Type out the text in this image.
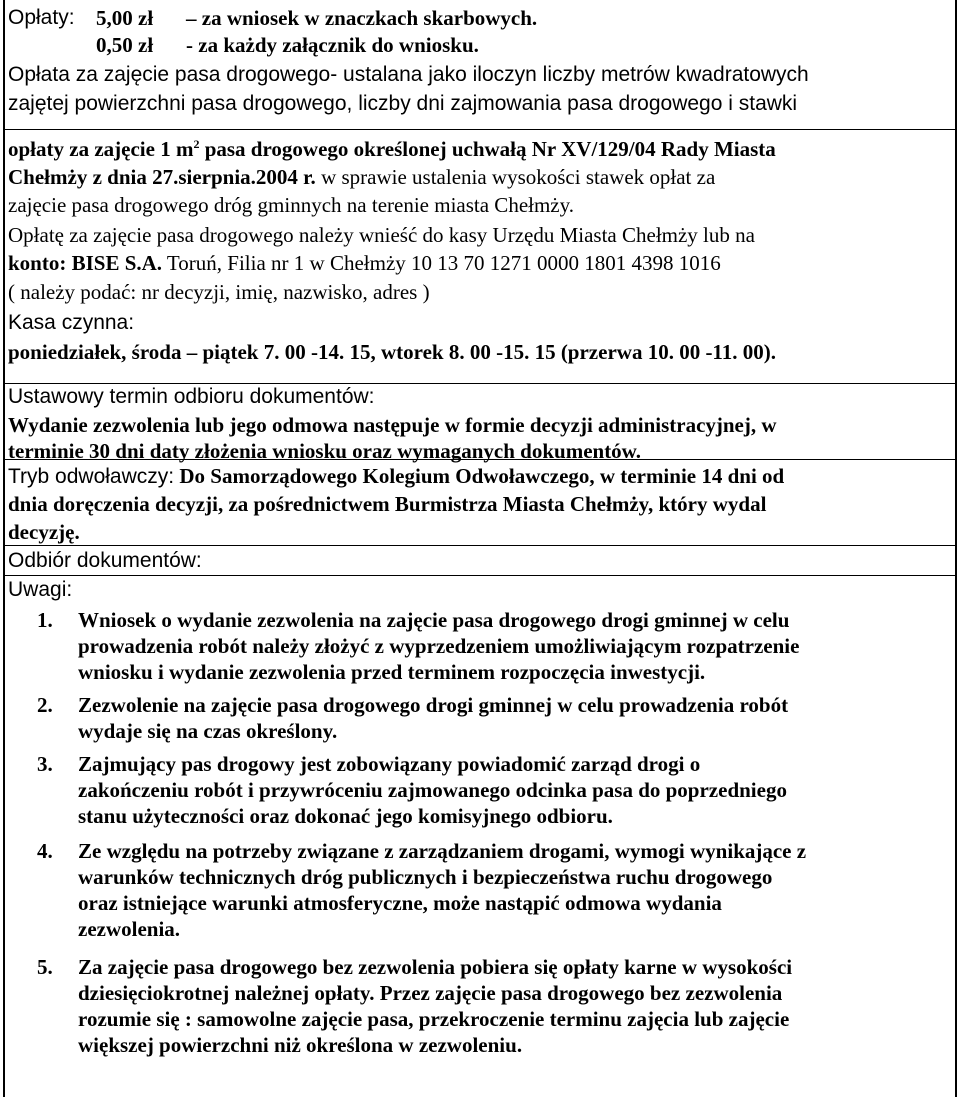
Opłaty: 5,00 zł – za wniosek w znaczkach skarbowych.
0,50 zł - za każdy załącznik do wniosku.
Opłata za zajęcie pasa drogowego- ustalana jako iloczyn liczby metrów kwadratowych
zajętej powierzchni pasa drogowego, liczby dni zajmowania pasa drogowego i stawki
opłaty za zajęcie 1 $m^2$ pasa drogowego określonej uchwałą Nr XV/129/04 Rady Miasta
Chełmży z dnia 27.sierpnia.2004 r. w sprawie ustalenia wysokości stawek opłat za
zajęcie pasa drogowego dróg gminnych na terenie miasta Chełmży.
Opłatę za zajęcie pasa drogowego należy wnieść do kasy Urzędu Miasta Chełmży lub na
konto: BISE S.A. Toruń, Filia nr 1 w Chełmży 10 13 70 1271 0000 1801 4398 1016
( należy podać: nr decyzji, imię, nazwisko, adres )
Kasa czynna:
poniedziałek, środa – piątek 7. 00 -14. 15, wtorek 8. 00 -15. 15 (przerwa 10. 00 -11. 00).
Ustawowy termin odbioru dokumentów:
Wydanie zezwolenia lub jego odmowa następuje w formie decyzji administracyjnej, w
terminie 30 dni daty złożenia wniosku oraz wymaganych dokumentów.
Tryb odwoławczy: Do Samorządowego Kolegium Odwoławczego, w terminie 14 dni od
dnia doręczenia decyzji, za pośrednictwem Burmistrza Miasta Chełmży, który wydal
decyzję.
Odbiór dokumentów:
Uwagi:
1. Wniosek o wydanie zezwolenia na zajęcie pasa drogowego drogi gminnej w celu
prowadzenia robót należy złożyć z wyprzedzeniem umożliwiającym rozpatrzenie
wniosku i wydanie zezwolenia przed terminem rozpoczęcia inwestycji.
2. Zezwolenie na zajęcie pasa drogowego drogi gminnej w celu prowadzenia robót
wydaje się na czas określony.
3. Zajmujący pas drogowy jest zobowiązany powiadomić zarząd drogi o
zakończeniu robót i przywróceniu zajmowanego odcinka pasa do poprzedniego
stanu użyteczności oraz dokonać jego komisyjnego odbioru.
4. Ze względu na potrzeby związane z zarządzaniem drogami, wymogi wynikające z
warunków technicznych dróg publicznych i bezpieczeństwa ruchu drogowego
oraz istniejące warunki atmosferyczne, może nastąpić odmowa wydania
zezwolenia.
5. Za zajęcie pasa drogowego bez zezwolenia pobiera się opłaty karne w wysokości
dziesięciokrotnej należnej opłaty. Przez zajęcie pasa drogowego bez zezwolenia
rozumie się : samowolne zajęcie pasa, przekroczenie terminu zajęcia lub zajęcie
większej powierzchni niż określona w zezwoleniu.
